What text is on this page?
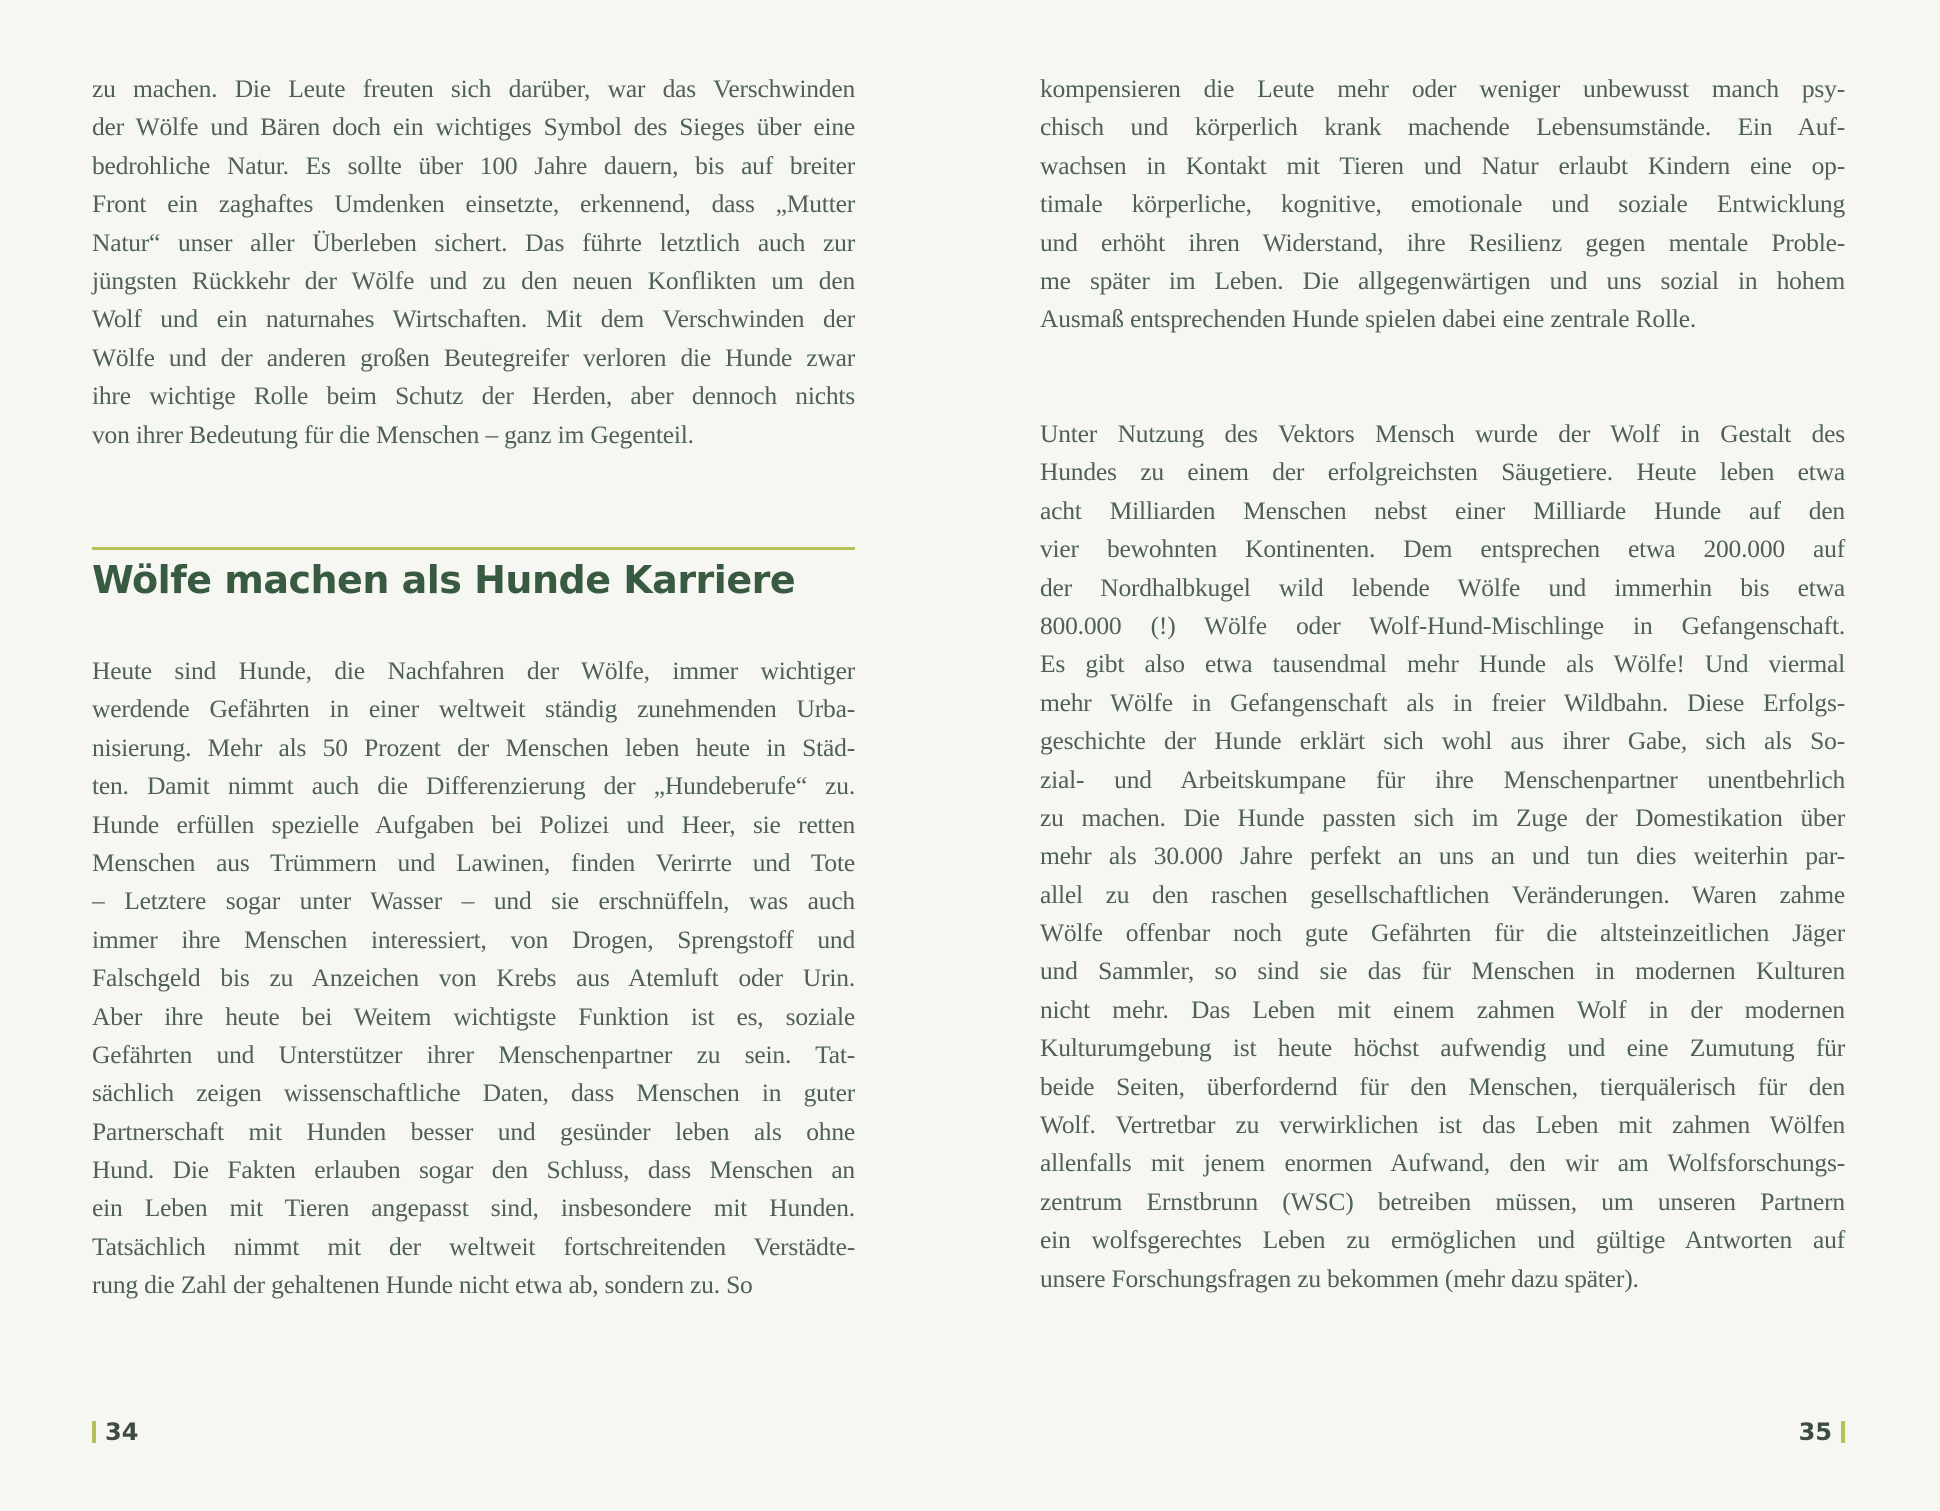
zu machen. Die Leute freuten sich darüber, war das Verschwinden
der Wölfe und Bären doch ein wichtiges Symbol des Sieges über eine
bedrohliche Natur. Es sollte über 100 Jahre dauern, bis auf breiter
Front ein zaghaftes Umdenken einsetzte, erkennend, dass „Mutter
Natur“ unser aller Überleben sichert. Das führte letztlich auch zur
jüngsten Rückkehr der Wölfe und zu den neuen Konflikten um den
Wolf und ein naturnahes Wirtschaften. Mit dem Verschwinden der
Wölfe und der anderen großen Beutegreifer verloren die Hunde zwar
ihre wichtige Rolle beim Schutz der Herden, aber dennoch nichts
von ihrer Bedeutung für die Menschen – ganz im Gegenteil.
Wölfe machen als Hunde Karriere
Heute sind Hunde, die Nachfahren der Wölfe, immer wichtiger
werdende Gefährten in einer weltweit ständig zunehmenden Urba-
nisierung. Mehr als 50 Prozent der Menschen leben heute in Städ-
ten. Damit nimmt auch die Differenzierung der „Hundeberufe“ zu.
Hunde erfüllen spezielle Aufgaben bei Polizei und Heer, sie retten
Menschen aus Trümmern und Lawinen, finden Verirrte und Tote
– Letztere sogar unter Wasser – und sie erschnüffeln, was auch
immer ihre Menschen interessiert, von Drogen, Sprengstoff und
Falschgeld bis zu Anzeichen von Krebs aus Atemluft oder Urin.
Aber ihre heute bei Weitem wichtigste Funktion ist es, soziale
Gefährten und Unterstützer ihrer Menschenpartner zu sein. Tat-
sächlich zeigen wissenschaftliche Daten, dass Menschen in guter
Partnerschaft mit Hunden besser und gesünder leben als ohne
Hund. Die Fakten erlauben sogar den Schluss, dass Menschen an
ein Leben mit Tieren angepasst sind, insbesondere mit Hunden.
Tatsächlich nimmt mit der weltweit fortschreitenden Verstädte-
rung die Zahl der gehaltenen Hunde nicht etwa ab, sondern zu. So
34
kompensieren die Leute mehr oder weniger unbewusst manch psy-
chisch und körperlich krank machende Lebensumstände. Ein Auf-
wachsen in Kontakt mit Tieren und Natur erlaubt Kindern eine op-
timale körperliche, kognitive, emotionale und soziale Entwicklung
und erhöht ihren Widerstand, ihre Resilienz gegen mentale Proble-
me später im Leben. Die allgegenwärtigen und uns sozial in hohem
Ausmaß entsprechenden Hunde spielen dabei eine zentrale Rolle.
Unter Nutzung des Vektors Mensch wurde der Wolf in Gestalt des
Hundes zu einem der erfolgreichsten Säugetiere. Heute leben etwa
acht Milliarden Menschen nebst einer Milliarde Hunde auf den
vier bewohnten Kontinenten. Dem entsprechen etwa 200.000 auf
der Nordhalbkugel wild lebende Wölfe und immerhin bis etwa
800.000 (!) Wölfe oder Wolf-Hund-Mischlinge in Gefangenschaft.
Es gibt also etwa tausendmal mehr Hunde als Wölfe! Und viermal
mehr Wölfe in Gefangenschaft als in freier Wildbahn. Diese Erfolgs-
geschichte der Hunde erklärt sich wohl aus ihrer Gabe, sich als So-
zial- und Arbeitskumpane für ihre Menschenpartner unentbehrlich
zu machen. Die Hunde passten sich im Zuge der Domestikation über
mehr als 30.000 Jahre perfekt an uns an und tun dies weiterhin par-
allel zu den raschen gesellschaftlichen Veränderungen. Waren zahme
Wölfe offenbar noch gute Gefährten für die altsteinzeitlichen Jäger
und Sammler, so sind sie das für Menschen in modernen Kulturen
nicht mehr. Das Leben mit einem zahmen Wolf in der modernen
Kulturumgebung ist heute höchst aufwendig und eine Zumutung für
beide Seiten, überfordernd für den Menschen, tierquälerisch für den
Wolf. Vertretbar zu verwirklichen ist das Leben mit zahmen Wölfen
allenfalls mit jenem enormen Aufwand, den wir am Wolfsforschungs-
zentrum Ernstbrunn (WSC) betreiben müssen, um unseren Partnern
ein wolfsgerechtes Leben zu ermöglichen und gültige Antworten auf
unsere Forschungsfragen zu bekommen (mehr dazu später).
35
